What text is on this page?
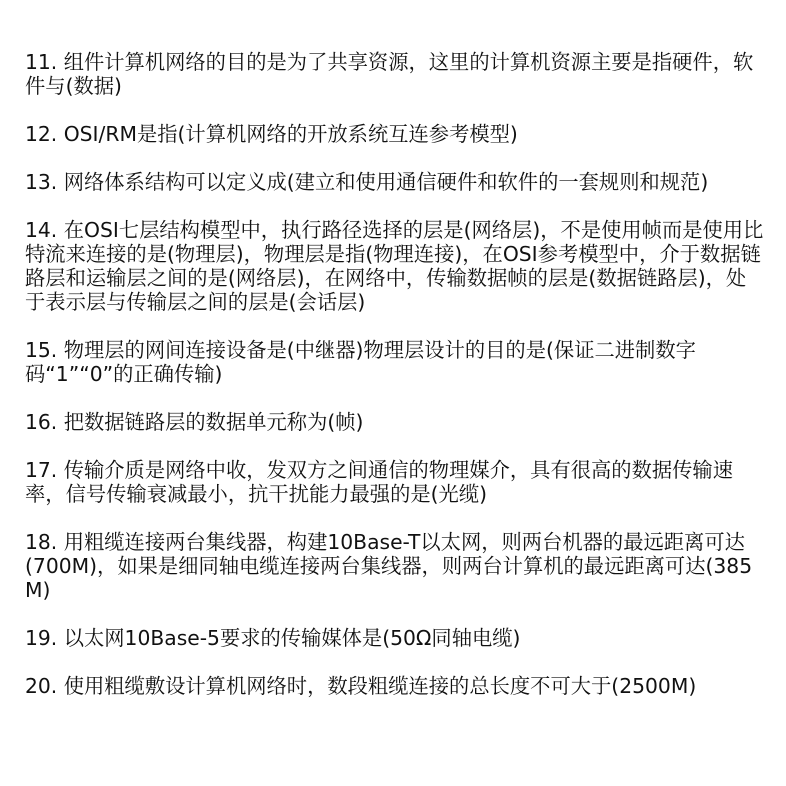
11. 组件计算机网络的目的是为了共享资源，这里的计算机资源主要是指硬件，软件与(数据)

12. OSI/RM是指(计算机网络的开放系统互连参考模型)

13. 网络体系结构可以定义成(建立和使用通信硬件和软件的一套规则和规范)

14. 在OSI七层结构模型中，执行路径选择的层是(网络层)，不是使用帧而是使用比特流来连接的是(物理层)，物理层是指(物理连接)，在OSI参考模型中，介于数据链路层和运输层之间的是(网络层)，在网络中，传输数据帧的层是(数据链路层)，处于表示层与传输层之间的层是(会话层)

15. 物理层的网间连接设备是(中继器)物理层设计的目的是(保证二进制数字码“1”“0”的正确传输)

16. 把数据链路层的数据单元称为(帧)

17. 传输介质是网络中收，发双方之间通信的物理媒介，具有很高的数据传输速率，信号传输衰减最小，抗干扰能力最强的是(光缆)

18. 用粗缆连接两台集线器，构建10Base-T以太网，则两台机器的最远距离可达(700M)，如果是细同轴电缆连接两台集线器，则两台计算机的最远距离可达(385M)

19. 以太网10Base-5要求的传输媒体是(50Ω同轴电缆)

20. 使用粗缆敷设计算机网络时，数段粗缆连接的总长度不可大于(2500M)
